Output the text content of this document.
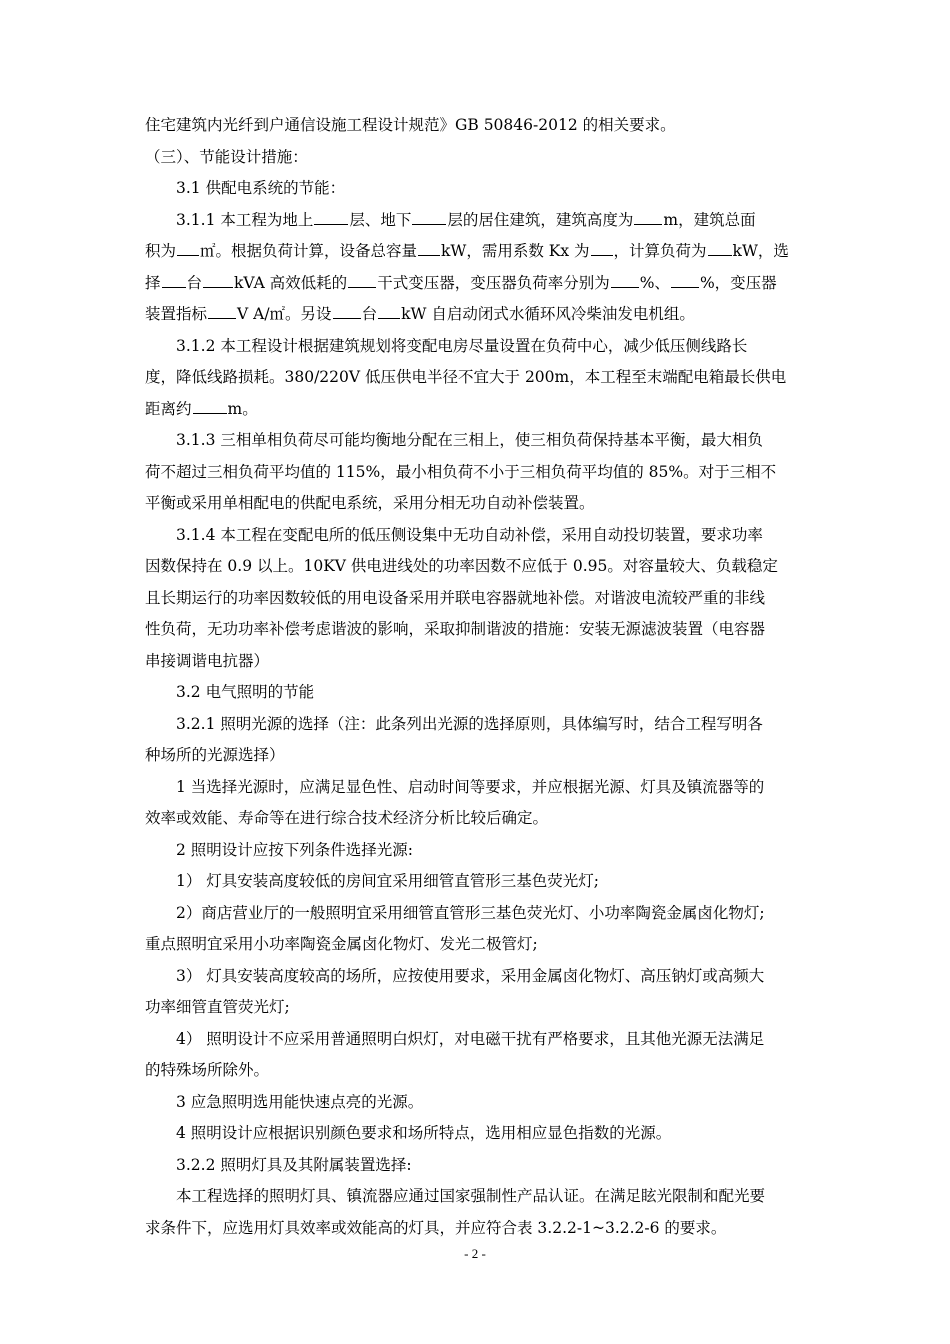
住宅建筑内光纤到户通信设施工程设计规范》GB 50846-2012 的相关要求。
（三）、节能设计措施：
3.1 供配电系统的节能：
3.1.1 本工程为地上 层、地下 层的居住建筑，建筑高度为 m，建筑总面
积为 ㎡。根据负荷计算，设备总容量 kW，需用系数 Kx 为 ，计算负荷为 kW，选
择 台 kVA 高效低耗的 干式变压器，变压器负荷率分别为 %、 %，变压器
装置指标 V A/㎡。另设 台 kW 自启动闭式水循环风冷柴油发电机组。
3.1.2 本工程设计根据建筑规划将变配电房尽量设置在负荷中心，减少低压侧线路长
度，降低线路损耗。380/220V 低压供电半径不宜大于 200m，本工程至末端配电箱最长供电
距离约 m。
3.1.3 三相单相负荷尽可能均衡地分配在三相上，使三相负荷保持基本平衡，最大相负
荷不超过三相负荷平均值的 115%，最小相负荷不小于三相负荷平均值的 85%。对于三相不
平衡或采用单相配电的供配电系统，采用分相无功自动补偿装置。
3.1.4 本工程在变配电所的低压侧设集中无功自动补偿，采用自动投切装置，要求功率
因数保持在 0.9 以上。10KV 供电进线处的功率因数不应低于 0.95。对容量较大、负载稳定
且长期运行的功率因数较低的用电设备采用并联电容器就地补偿。对谐波电流较严重的非线
性负荷，无功功率补偿考虑谐波的影响，采取抑制谐波的措施：安装无源滤波装置（电容器
串接调谐电抗器）
3.2 电气照明的节能
3.2.1 照明光源的选择（注：此条列出光源的选择原则，具体编写时，结合工程写明各
种场所的光源选择）
1 当选择光源时，应满足显色性、启动时间等要求，并应根据光源、灯具及镇流器等的
效率或效能、寿命等在进行综合技术经济分析比较后确定。
2 照明设计应按下列条件选择光源:
1） 灯具安装高度较低的房间宜采用细管直管形三基色荧光灯;
2）商店营业厅的一般照明宜采用细管直管形三基色荧光灯、小功率陶瓷金属卤化物灯;
重点照明宜采用小功率陶瓷金属卤化物灯、发光二极管灯;
3） 灯具安装高度较高的场所，应按使用要求，采用金属卤化物灯、高压钠灯或高频大
功率细管直管荧光灯;
4） 照明设计不应采用普通照明白炽灯，对电磁干扰有严格要求，且其他光源无法满足
的特殊场所除外。
3 应急照明选用能快速点亮的光源。
4 照明设计应根据识别颜色要求和场所特点，选用相应显色指数的光源。
3.2.2 照明灯具及其附属装置选择:
本工程选择的照明灯具、镇流器应通过国家强制性产品认证。在满足眩光限制和配光要
求条件下，应选用灯具效率或效能高的灯具，并应符合表 3.2.2-1~3.2.2-6 的要求。
- 2 -
